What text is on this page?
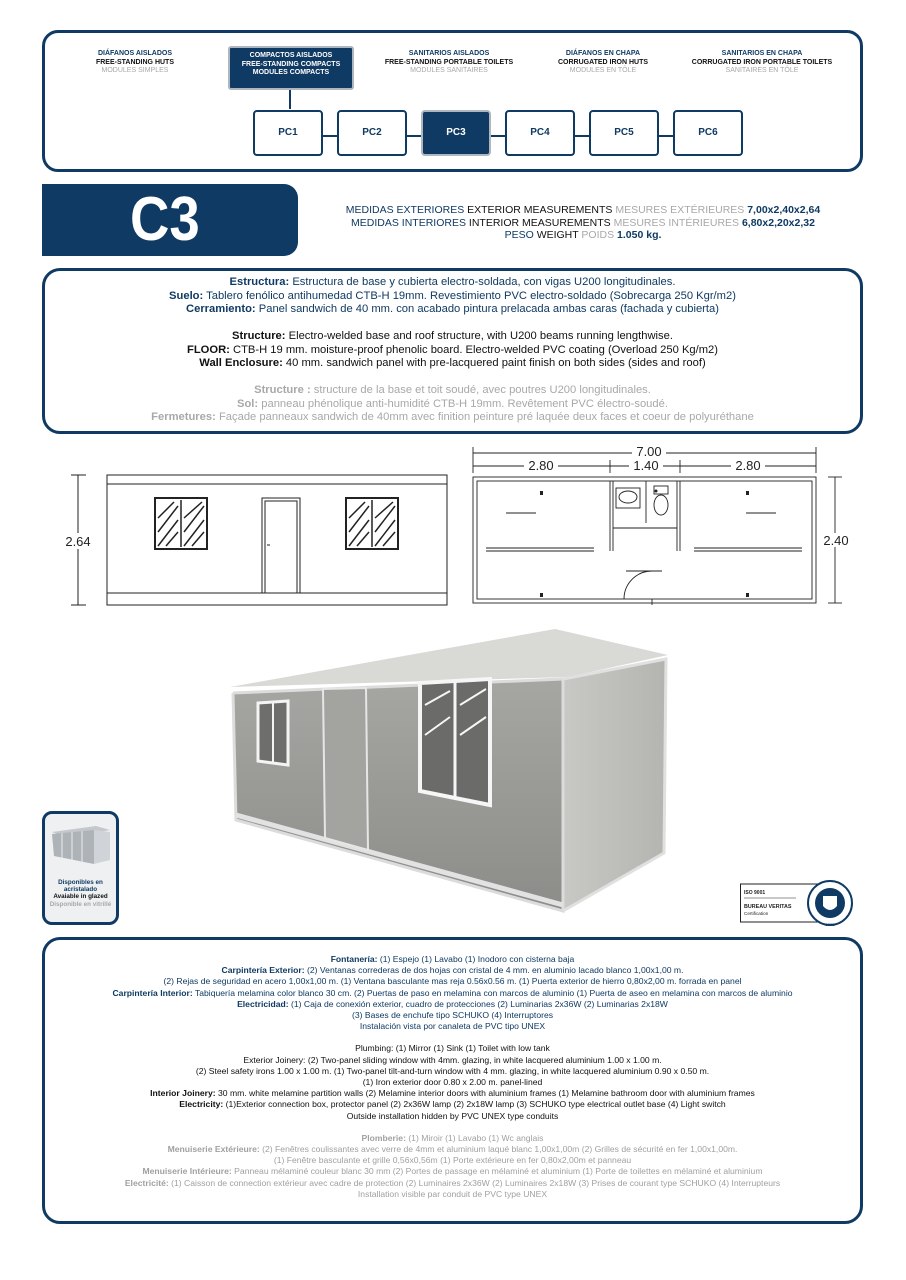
DIÁFANOS AISLADOS
FREE-STANDING HUTS
MODULES SIMPLES
COMPACTOS AISLADOS
FREE-STANDING COMPACTS
MODULES COMPACTS
SANITARIOS AISLADOS
FREE-STANDING PORTABLE TOILETS
MODULES SANITAIRES
DIÁFANOS EN CHAPA
CORRUGATED IRON HUTS
MODULES EN TÔLE
SANITARIOS EN CHAPA
CORRUGATED IRON PORTABLE TOILETS
SANITAIRES EN TÔLE
PC1	PC2	PC3	PC4	PC5	PC6
C3	MEDIDAS EXTERIORES EXTERIOR MEASUREMENTS MESURES EXTÉRIEURES 7,00x2,40x2,64
MEDIDAS INTERIORES INTERIOR MEASUREMENTS MESURES INTÉRIEURES 6,80x2,20x2,32
PESO WEIGHT POIDS 1.050 kg.

Estructura: Estructura de base y cubierta electro-soldada, con vigas U200 longitudinales.

Suelo: Tablero fenólico antihumedad CTB-H 19mm. Revestimiento PVC electro-soldado (Sobrecarga 250 Kgr/m2)

Cerramiento: Panel sandwich de 40 mm. con acabado pintura prelacada ambas caras (fachada y cubierta)

Structure: Electro-welded base and roof structure, with U200 beams running lengthwise.

FLOOR: CTB-H 19 mm. moisture-proof phenolic board. Electro-welded PVC coating (Overload 250 Kg/m2)

Wall Enclosure: 40 mm. sandwich panel with pre-lacquered paint finish on both sides (sides and roof)

Structure : structure de la base et toit soudé, avec poutres U200 longitudinales.

Sol: panneau phénolique anti-humidité CTB-H 19mm. Revêtement PVC électro-soudé.

Fermetures: Façade panneaux sandwich de 40mm avec finition peinture pré laquée deux faces et coeur de polyuréthane

2.64
7.00
2.80	1.40	2.80
2.40
Disponibles en acristalado
Avaiable in glazed
Disponible en vitrillé
ISO 9001
BUREAU VERITAS
Certification
1828
Fontanería: (1) Espejo (1) Lavabo (1) Inodoro con cisterna baja
Carpintería Exterior: (2) Ventanas correderas de dos hojas con cristal de 4 mm. en aluminio lacado blanco 1,00x1,00 m.
(2) Rejas de seguridad en acero 1,00x1,00 m. (1) Ventana basculante mas reja 0.56x0.56 m. (1) Puerta exterior de hierro 0,80x2,00 m. forrada en panel
Carpintería Interior: Tabiquería melamina color blanco 30 cm. (2) Puertas de paso en melamina con marcos de aluminio (1) Puerta de aseo en melamina con marcos de aluminio
Electricidad: (1) Caja de conexión exterior, cuadro de protecciones (2) Luminarias 2x36W (2) Luminarias 2x18W
(3) Bases de enchufe tipo SCHUKO (4) Interruptores
Instalación vista por canaleta de PVC tipo UNEX
Plumbing: (1) Mirror (1) Sink (1) Toilet with low tank
Exterior Joinery: (2) Two-panel sliding window with 4mm. glazing, in white lacquered aluminium 1.00 x 1.00 m.
(2) Steel safety irons 1.00 x 1.00 m. (1) Two-panel tilt-and-turn window with 4 mm. glazing, in white lacquered aluminium 0.90 x 0.50 m.
(1) Iron exterior door 0.80 x 2.00 m. panel-lined
Interior Joinery: 30 mm. white melamine partition walls (2) Melamine interior doors with aluminium frames (1) Melamine bathroom door with aluminium frames
Electricity: (1)Exterior connection box, protector panel (2) 2x36W lamp (2) 2x18W lamp (3) SCHUKO type electrical outlet base (4) Light switch
Outside installation hidden by PVC UNEX type conduits
Plomberie: (1) Miroir (1) Lavabo (1) Wc anglais
Menuiserie Extérieure: (2) Fenêtres coulissantes avec verre de 4mm et aluminium laqué blanc 1,00x1,00m (2) Grilles de sécurité en fer 1,00x1,00m.
(1) Fenêtre basculante et grille 0,56x0,56m (1) Porte extérieure en fer 0,80x2,00m et panneau
Menuiserie Intérieure: Panneau mélaminé couleur blanc 30 mm (2) Portes de passage en mélaminé et aluminium (1) Porte de toilettes en mélaminé et aluminium
Electricité: (1) Caisson de connection extérieur avec cadre de protection (2) Luminaires 2x36W (2) Luminaires 2x18W (3) Prises de courant type SCHUKO (4) Interrupteurs
Installation visible par conduit de PVC type UNEX
